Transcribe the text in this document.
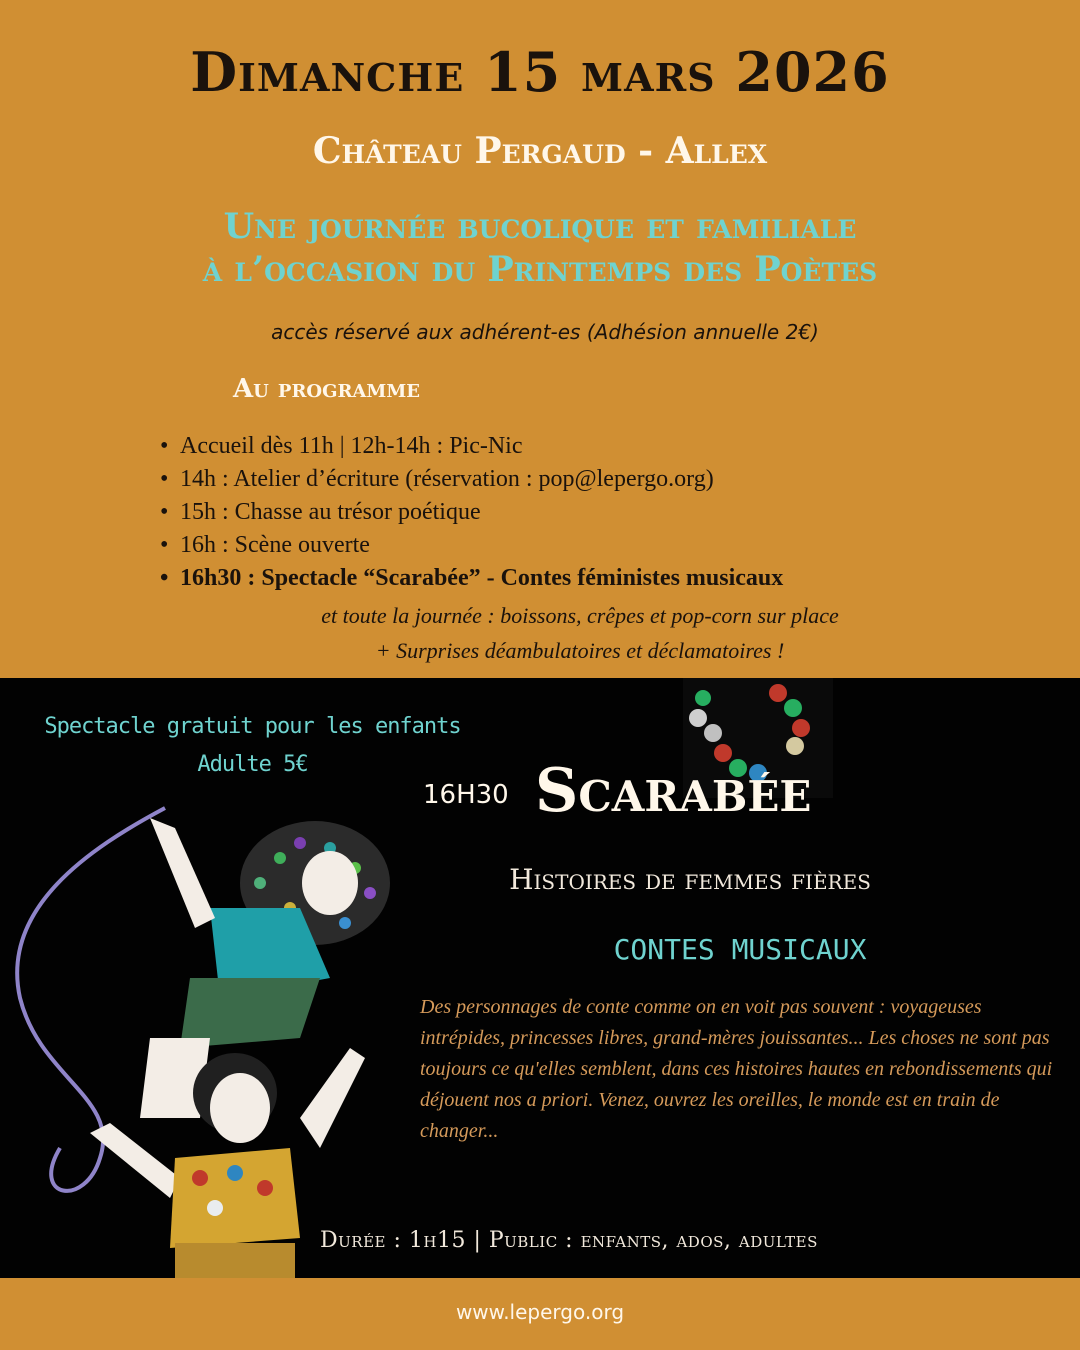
Dimanche 15 mars 2026
Château Pergaud - Allex
Une journée bucolique et familiale
à l’occasion du Printemps des Poètes
accès réservé aux adhérent-es (Adhésion annuelle 2€)
Au programme
• Accueil dès 11h | 12h-14h : Pic-Nic
• 14h : Atelier d’écriture (réservation : pop@lepergo.org)
• 15h : Chasse au trésor poétique
• 16h : Scène ouverte
• 16h30 : Spectacle “Scarabée” - Contes féministes musicaux
et toute la journée : boissons, crêpes et pop-corn sur place
+ Surprises déambulatoires et déclamatoires !
Spectacle gratuit pour les enfants
Adulte 5€
16H30 Scarabée
Histoires de femmes fières
CONTES MUSICAUX
Des personnages de conte comme on en voit pas souvent : voyageuses intrépides, princesses libres, grand-mères jouissantes... Les choses ne sont pas toujours ce qu'elles semblent, dans ces histoires hautes en rebondissements qui déjouent nos a priori. Venez, ouvrez les oreilles, le monde est en train de changer...
Durée : 1h15 | Public : enfants, ados, adultes
www.lepergo.org
